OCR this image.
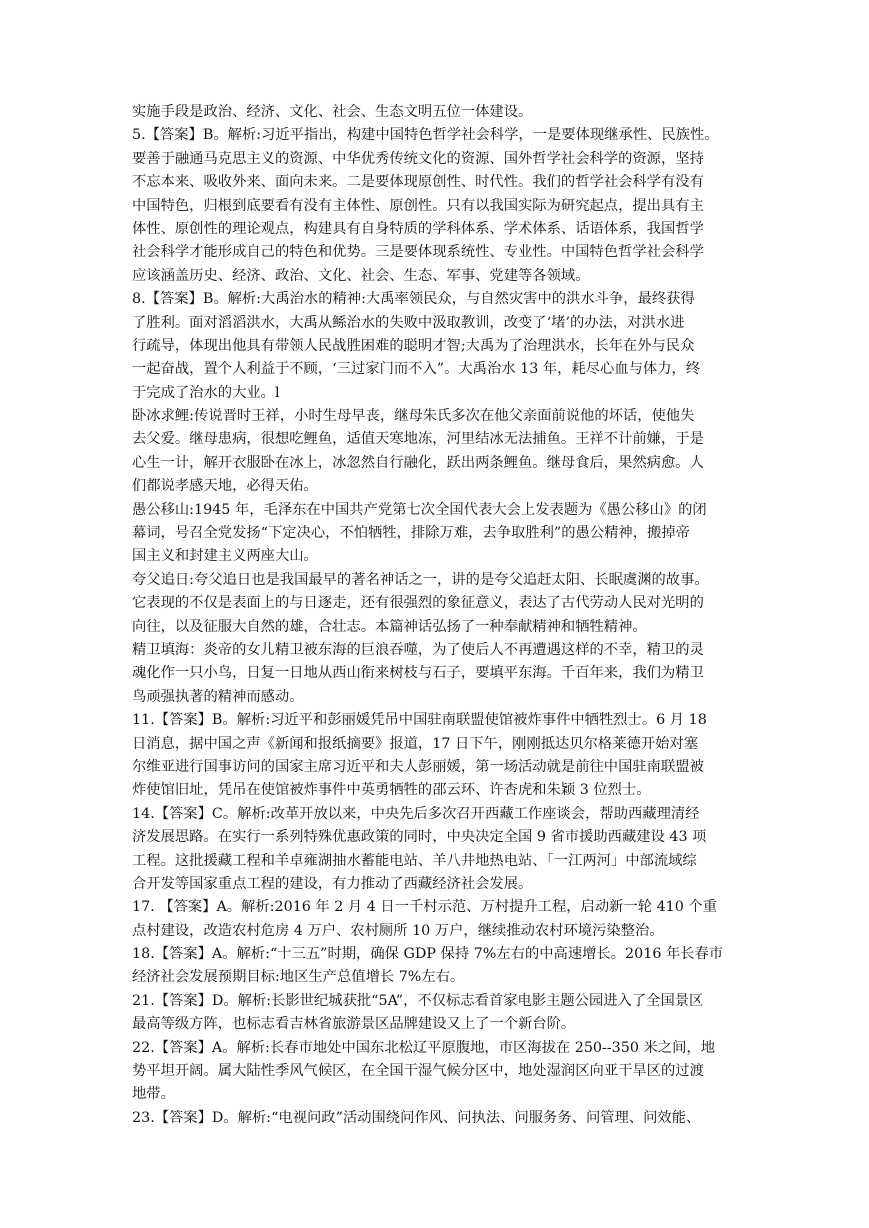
实施手段是政治、经济、文化、社会、生态文明五位一体建设。
5.【答案】B。解析:习近平指出，构建中国特色哲学社会科学，一是要体现继承性、民族性。
要善于融通马克思主义的资源、中华优秀传统文化的资源、国外哲学社会科学的资源，坚持
不忘本来、吸收外来、面向未来。二是要体现原创性、时代性。我们的哲学社会科学有没有
中国特色，归根到底要看有没有主体性、原创性。只有以我国实际为研究起点，提出具有主
体性、原创性的理论观点，构建具有自身特质的学科体系、学术体系、话语体系，我国哲学
社会科学才能形成自己的特色和优势。三是要体现系统性、专业性。中国特色哲学社会科学
应该涵盖历史、经济、政治、文化、社会、生态、军事、党建等各领域。
8.【答案】B。解析:大禹治水的精神:大禹率领民众，与自然灾害中的洪水斗争，最终获得
了胜利。面对滔滔洪水，大禹从鲧治水的失败中汲取教训，改变了‘堵’的办法，对洪水进
行疏导，体现出他具有带领人民战胜困难的聪明才智;大禹为了治理洪水，长年在外与民众
一起奋战，置个人利益于不顾，‘三过家门而不入”。大禹治水 13 年，耗尽心血与体力，终
于完成了治水的大业。l
卧冰求鲤:传说晋时王祥，小时生母早丧，继母朱氏多次在他父亲面前说他的坏话，使他失
去父爱。继母患病，很想吃鲤鱼，适值天寒地冻，河里结冰无法捕鱼。王祥不计前嫌，于是
心生一计，解开衣服卧在冰上，冰忽然自行融化，跃出两条鲤鱼。继母食后，果然病愈。人
们都说孝感天地，必得天佑。
愚公移山:1945 年，毛泽东在中国共产党第七次全国代表大会上发表题为《愚公移山》的闭
幕词，号召全党发扬“下定决心，不怕牺牲，排除万难，去争取胜利”的愚公精神，搬掉帝
国主义和封建主义两座大山。
夸父追日:夸父追日也是我国最早的著名神话之一，讲的是夸父追赶太阳、长眠虞渊的故事。
它表现的不仅是表面上的与日逐走，还有很强烈的象征意义，表达了古代劳动人民对光明的
向往，以及征服大自然的雄，合壮志。本篇神话弘扬了一种奉献精神和牺牲精神。
精卫填海：炎帝的女儿精卫被东海的巨浪吞噬，为了使后人不再遭遇这样的不幸，精卫的灵
魂化作一只小鸟，日复一日地从西山衔来树枝与石子，要填平东海。千百年来，我们为精卫
鸟顽强执著的精神而感动。
11.【答案】B。解析:习近平和彭丽媛凭吊中国驻南联盟使馆被炸事件中牺牲烈士。6 月 18
日消息，据中国之声《新闻和报纸摘要》报道，17 日下午，刚刚抵达贝尔格莱德开始对塞
尔维亚进行国事访问的国家主席习近平和夫人彭丽媛，第一场活动就是前往中国驻南联盟被
炸使馆旧址，凭吊在使馆被炸事件中英勇牺牲的邵云环、许杏虎和朱颖 3 位烈士。
14.【答案】C。解析:改革开放以来，中央先后多次召开西藏工作座谈会，帮助西藏理清经
济发展思路。在实行一系列特殊优惠政策的同时，中央决定全国 9 省市援助西藏建设 43 项
工程。这批援藏工程和羊卓雍湖抽水蓄能电站、羊八井地热电站、「一江两河」中部流域综
合开发等国家重点工程的建设，有力推动了西藏经济社会发展。
17. 【答案】A。解析:2016 年 2 月 4 日一千村示范、万村提升工程，启动新一轮 410 个重
点村建设，改造农村危房 4 万户、农村厕所 10 万户，继续推动农村环境污染整治。
18.【答案】A。解析:“十三五”时期，确保 GDP 保持 7%左右的中高速增长。2016 年长春市
经济社会发展预期目标:地区生产总值增长 7%左右。
21.【答案】D。解析:长影世纪城获批“5A”，不仅标志看首家电影主题公园进入了全国景区
最高等级方阵，也标志看吉林省旅游景区品牌建设又上了一个新台阶。
22.【答案】A。解析:长春市地处中国东北松辽平原腹地，市区海拔在 250--350 米之间，地
势平坦开阔。属大陆性季风气候区，在全国干湿气候分区中，地处湿润区向亚干旱区的过渡
地带。
23.【答案】D。解析:“电视问政”活动围绕问作风、问执法、问服务务、问管理、问效能、
